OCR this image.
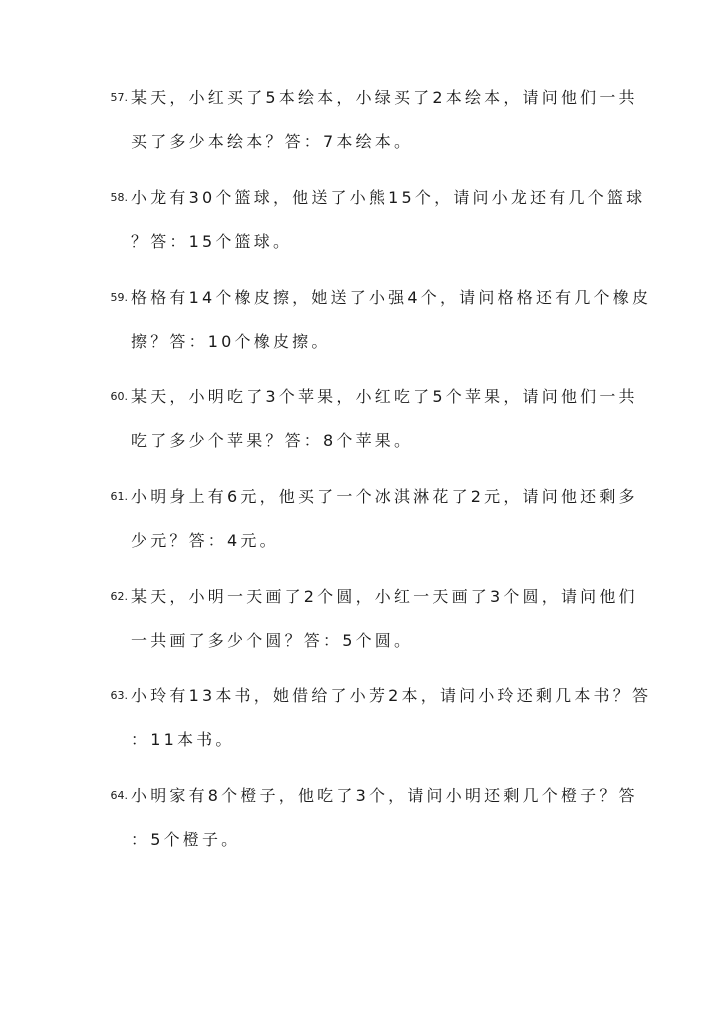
57. 某天，小红买了5本绘本，小绿买了2本绘本，请问他们一共
买了多少本绘本？答：7本绘本。
58. 小龙有30个篮球，他送了小熊15个，请问小龙还有几个篮球
？答：15个篮球。
59. 格格有14个橡皮擦，她送了小强4个，请问格格还有几个橡皮
擦？答：10个橡皮擦。
60. 某天，小明吃了3个苹果，小红吃了5个苹果，请问他们一共
吃了多少个苹果？答：8个苹果。
61. 小明身上有6元，他买了一个冰淇淋花了2元，请问他还剩多
少元？答：4元。
62. 某天，小明一天画了2个圆，小红一天画了3个圆，请问他们
一共画了多少个圆？答：5个圆。
63. 小玲有13本书，她借给了小芳2本，请问小玲还剩几本书？答
：11本书。
64. 小明家有8个橙子，他吃了3个，请问小明还剩几个橙子？答
：5个橙子。
